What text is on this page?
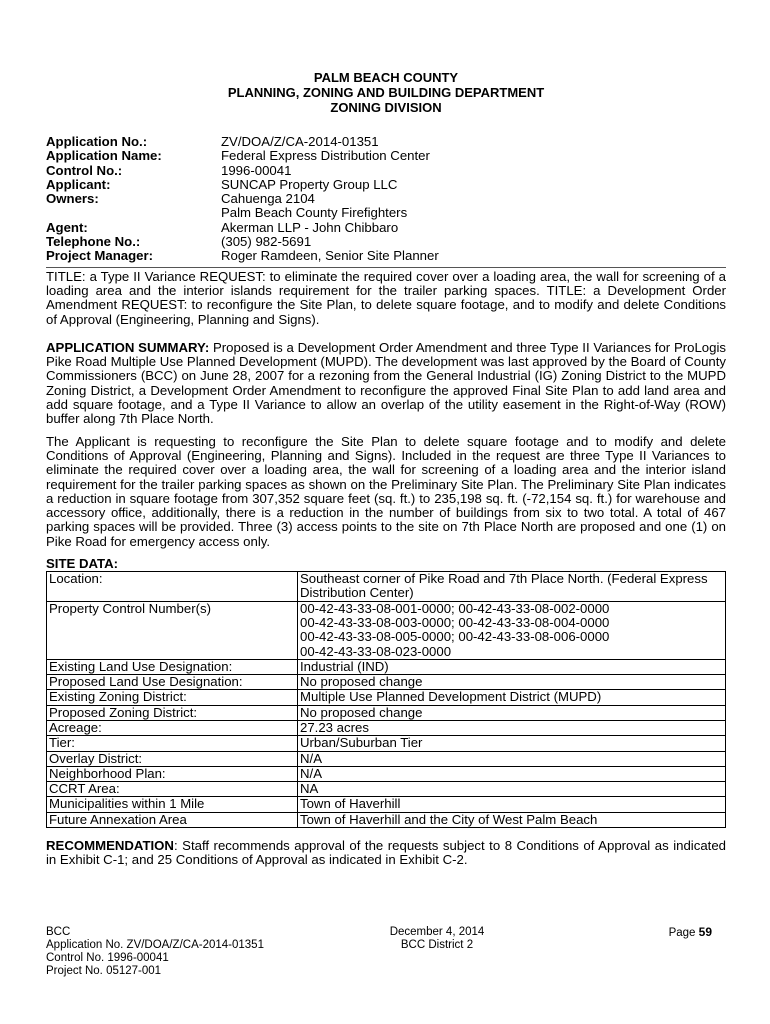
PALM BEACH COUNTY
PLANNING, ZONING AND BUILDING DEPARTMENT
ZONING DIVISION
Application No.:	ZV/DOA/Z/CA-2014-01351
Application Name:	Federal Express Distribution Center
Control No.:	1996-00041
Applicant:	SUNCAP Property Group LLC
Owners:	Cahuenga 2104
Palm Beach County Firefighters
Agent:	Akerman LLP - John Chibbaro
Telephone No.:	(305) 982-5691
Project Manager:	Roger Ramdeen, Senior Site Planner

TITLE: a Type II Variance REQUEST: to eliminate the required cover over a loading area, the wall for screening of a loading area and the interior islands requirement for the trailer parking spaces. TITLE: a Development Order Amendment REQUEST: to reconfigure the Site Plan, to delete square footage, and to modify and delete Conditions of Approval (Engineering, Planning and Signs).

APPLICATION SUMMARY: Proposed is a Development Order Amendment and three Type II Variances for ProLogis Pike Road Multiple Use Planned Development (MUPD). The development was last approved by the Board of County Commissioners (BCC) on June 28, 2007 for a rezoning from the General Industrial (IG) Zoning District to the MUPD Zoning District, a Development Order Amendment to reconfigure the approved Final Site Plan to add land area and add square footage, and a Type II Variance to allow an overlap of the utility easement in the Right-of-Way (ROW) buffer along 7th Place North.

The Applicant is requesting to reconfigure the Site Plan to delete square footage and to modify and delete Conditions of Approval (Engineering, Planning and Signs). Included in the request are three Type II Variances to eliminate the required cover over a loading area, the wall for screening of a loading area and the interior island requirement for the trailer parking spaces as shown on the Preliminary Site Plan. The Preliminary Site Plan indicates a reduction in square footage from 307,352 square feet (sq. ft.) to 235,198 sq. ft. (-72,154 sq. ft.) for warehouse and accessory office, additionally, there is a reduction in the number of buildings from six to two total. A total of 467 parking spaces will be provided. Three (3) access points to the site on 7th Place North are proposed and one (1) on Pike Road for emergency access only.

SITE DATA:
Location:	Southeast corner of Pike Road and 7th Place North. (Federal Express Distribution Center)
Property Control Number(s)	00-42-43-33-08-001-0000; 00-42-43-33-08-002-0000
00-42-43-33-08-003-0000; 00-42-43-33-08-004-0000
00-42-43-33-08-005-0000; 00-42-43-33-08-006-0000
00-42-43-33-08-023-0000
Existing Land Use Designation:	Industrial (IND)
Proposed Land Use Designation:	No proposed change
Existing Zoning District:	Multiple Use Planned Development District (MUPD)
Proposed Zoning District:	No proposed change
Acreage:	27.23 acres
Tier:	Urban/Suburban Tier
Overlay District:	N/A
Neighborhood Plan:	N/A
CCRT Area:	NA
Municipalities within 1 Mile	Town of Haverhill
Future Annexation Area	Town of Haverhill and the City of West Palm Beach
RECOMMENDATION: Staff recommends approval of the requests subject to 8 Conditions of Approval as indicated in Exhibit C-1; and 25 Conditions of Approval as indicated in Exhibit C-2.
BCC
Application No. ZV/DOA/Z/CA-2014-01351
Control No. 1996-00041
Project No. 05127-001
December 4, 2014
BCC District 2
Page 59
